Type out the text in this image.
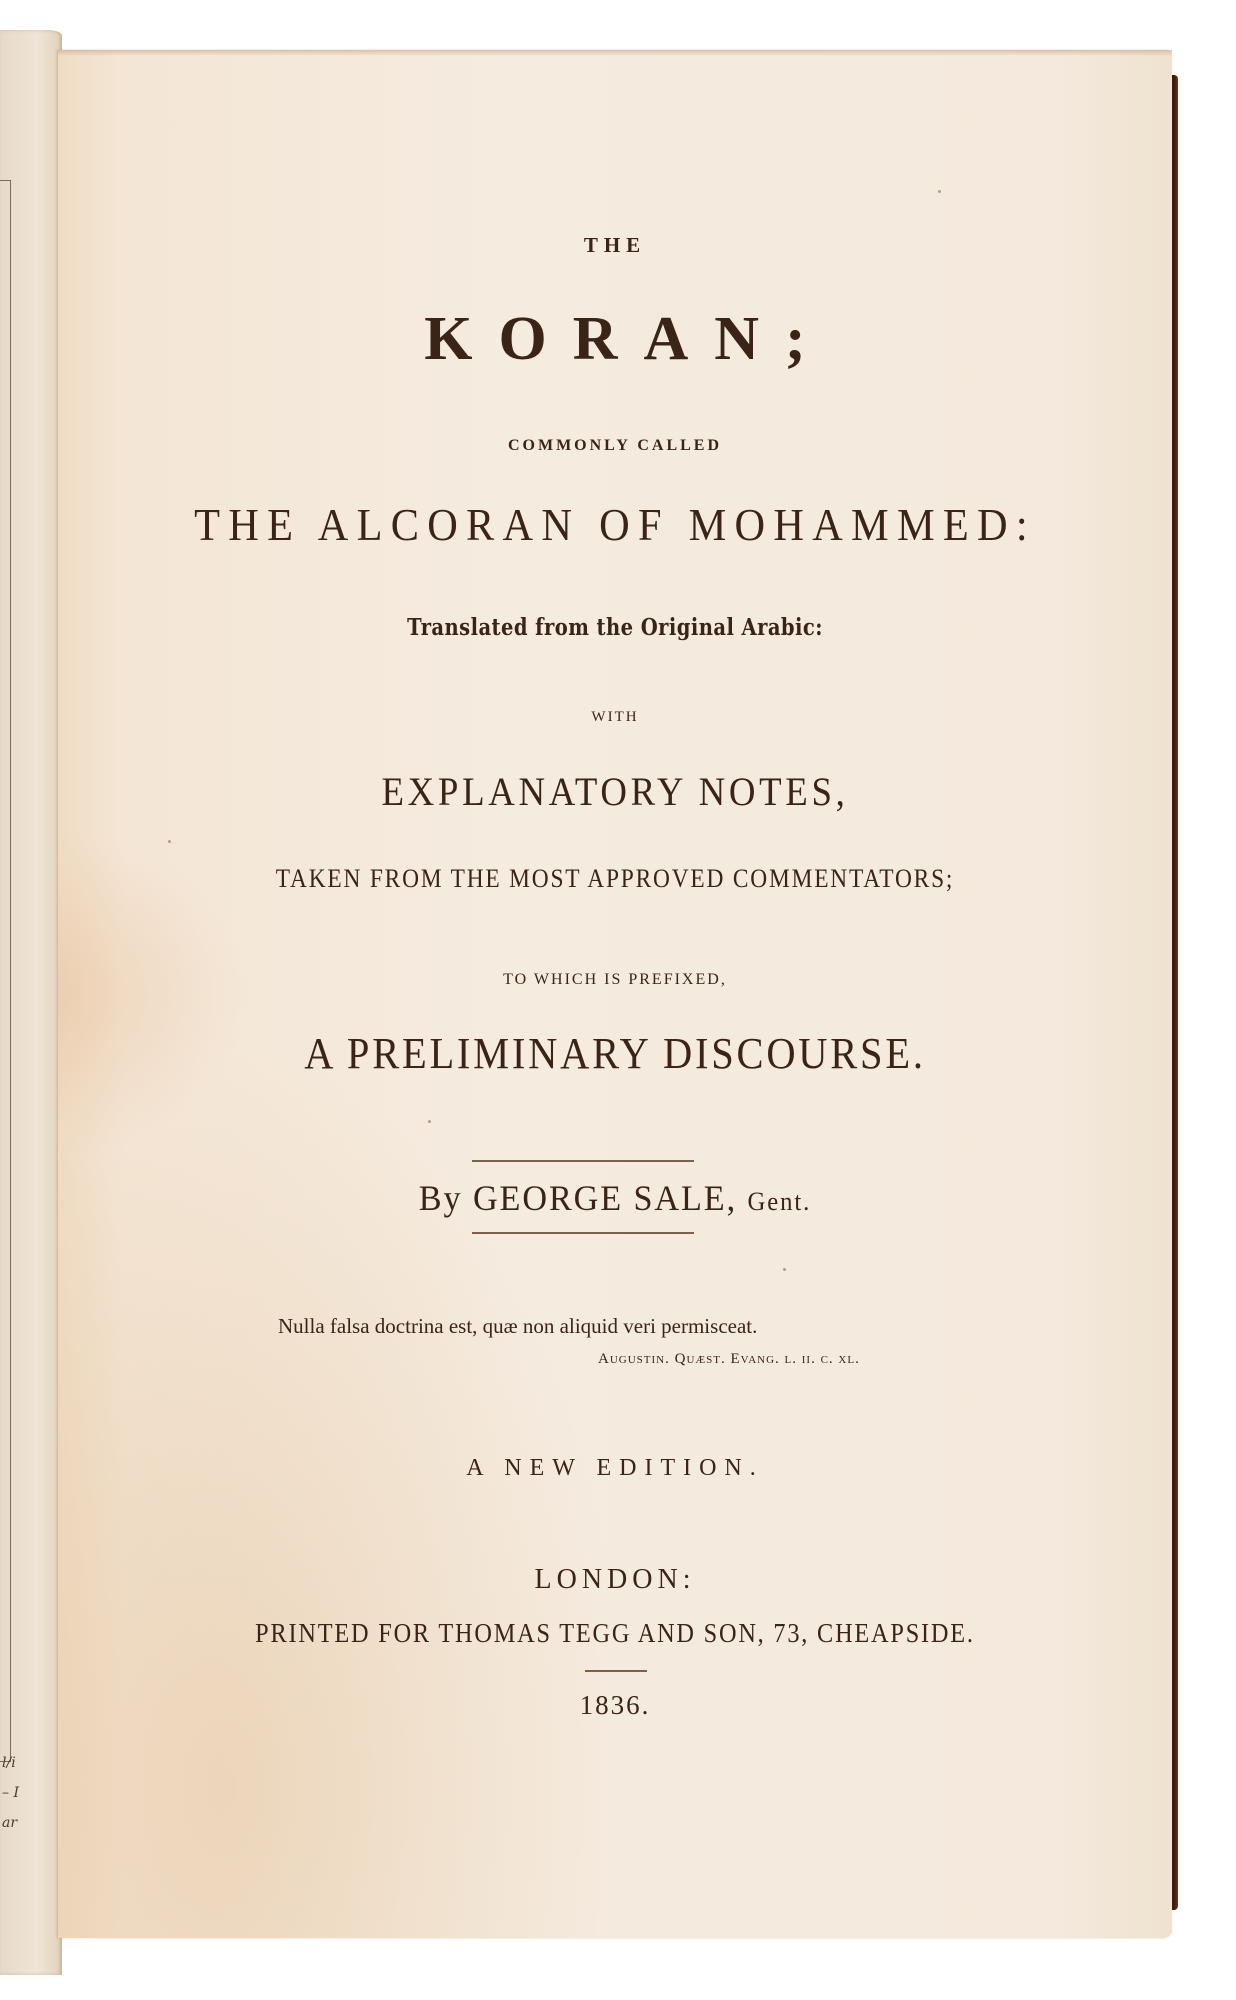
l/i
– I
ar
THE
KORAN;
COMMONLY CALLED
THE ALCORAN OF MOHAMMED:
Translated from the Original Arabic:
WITH
EXPLANATORY NOTES,
TAKEN FROM THE MOST APPROVED COMMENTATORS;
TO WHICH IS PREFIXED,
A PRELIMINARY DISCOURSE.
By GEORGE SALE, Gent.
Nulla falsa doctrina est, quæ non aliquid veri permisceat.
Augustin. Quæst. Evang. l. ii. c. xl.
A NEW EDITION.
LONDON:
PRINTED FOR THOMAS TEGG AND SON, 73, CHEAPSIDE.
1836.
